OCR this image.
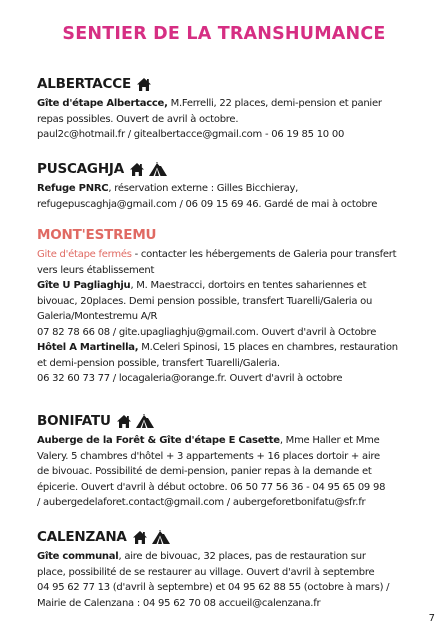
SENTIER DE LA TRANSHUMANCE
ALBERTACCE
Gîte d'étape Albertacce, M.Ferrelli, 22 places, demi-pension et panier
repas possibles. Ouvert de avril à octobre.
paul2c@hotmail.fr / gitealbertacce@gmail.com - 06 19 85 10 00
PUSCAGHJA
Refuge PNRC, réservation externe : Gilles Bicchieray,
refugepuscaghja@gmail.com / 06 09 15 69 46. Gardé de mai à octobre
MONT'ESTREMU
Gite d'étape fermés - contacter les hébergements de Galeria pour transfert
vers leurs établissement
Gîte U Pagliaghju, M. Maestracci, dortoirs en tentes sahariennes et
bivouac, 20places. Demi pension possible, transfert Tuarelli/Galeria ou
Galeria/Montestremu A/R
07 82 78 66 08 / gite.upagliaghju@gmail.com. Ouvert d'avril à Octobre
Hôtel A Martinella, M.Celeri Spinosi, 15 places en chambres, restauration
et demi-pension possible, transfert Tuarelli/Galeria.
06 32 60 73 77 / locagaleria@orange.fr. Ouvert d'avril à octobre
BONIFATU
Auberge de la Forêt & Gîte d'étape E Casette, Mme Haller et Mme
Valery. 5 chambres d'hôtel + 3 appartements + 16 places dortoir + aire
de bivouac. Possibilité de demi-pension, panier repas à la demande et
épicerie. Ouvert d'avril à début octobre. 06 50 77 56 36 - 04 95 65 09 98
/ aubergedelaforet.contact@gmail.com / aubergeforetbonifatu@sfr.fr
CALENZANA
Gîte communal, aire de bivouac, 32 places, pas de restauration sur
place, possibilité de se restaurer au village. Ouvert d'avril à septembre
04 95 62 77 13 (d'avril à septembre) et 04 95 62 88 55 (octobre à mars) /
Mairie de Calenzana : 04 95 62 70 08 accueil@calenzana.fr
7
